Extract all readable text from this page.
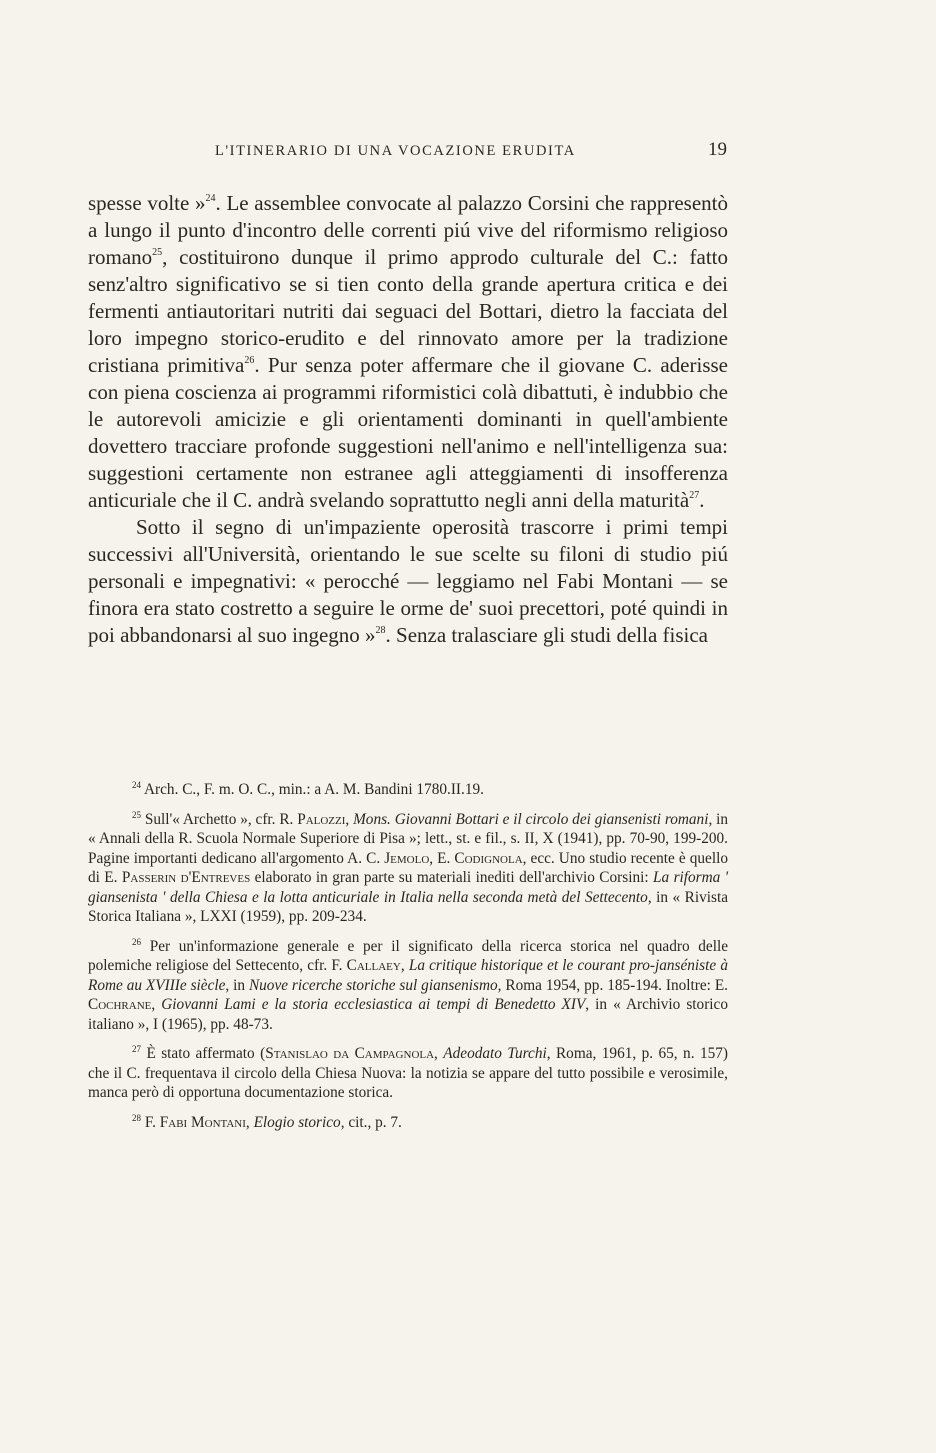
L'ITINERARIO DI UNA VOCAZIONE ERUDITA	19

spesse volte »$^{24}$. Le assemblee convocate al palazzo Corsini che rappresentò a lungo il punto d'incontro delle correnti piú vive del riformismo religioso romano$^{25}$, costituirono dunque il primo approdo culturale del C.: fatto senz'altro significativo se si tien conto della grande apertura critica e dei fermenti antiautoritari nutriti dai seguaci del Bottari, dietro la facciata del loro impegno storico-erudito e del rinnovato amore per la tradizione cristiana primitiva$^{26}$. Pur senza poter affermare che il giovane C. aderisse con piena coscienza ai programmi riformistici colà dibattuti, è indubbio che le autorevoli amicizie e gli orientamenti dominanti in quell'ambiente dovettero tracciare profonde suggestioni nell'animo e nell'intelligenza sua: suggestioni certamente non estranee agli atteggiamenti di insofferenza anticuriale che il C. andrà svelando soprattutto negli anni della maturità$^{27}$.

Sotto il segno di un'impaziente operosità trascorre i primi tempi successivi all'Università, orientando le sue scelte su filoni di studio piú personali e impegnativi: « perocché — leggiamo nel Fabi Montani — se finora era stato costretto a seguire le orme de' suoi precettori, poté quindi in poi abbandonarsi al suo ingegno »$^{28}$. Senza tralasciare gli studi della fisica

$^{24}$ Arch. C., F. m. O. C., min.: a A. M. Bandini 1780.II.19.

$^{25}$ Sull'« Archetto », cfr. R. Palozzi, Mons. Giovanni Bottari e il circolo dei giansenisti romani, in « Annali della R. Scuola Normale Superiore di Pisa »; lett., st. e fil., s. II, X (1941), pp. 70-90, 199-200. Pagine importanti dedicano all'argomento A. C. Jemolo, E. Codignola, ecc. Uno studio recente è quello di E. Passerin d'Entreves elaborato in gran parte su materiali inediti dell'archivio Corsini: La riforma ' giansenista ' della Chiesa e la lotta anticuriale in Italia nella seconda metà del Settecento, in « Rivista Storica Italiana », LXXI (1959), pp. 209-234.

$^{26}$ Per un'informazione generale e per il significato della ricerca storica nel quadro delle polemiche religiose del Settecento, cfr. F. Callaey, La critique historique et le courant pro-janséniste à Rome au XVIIIe siècle, in Nuove ricerche storiche sul giansenismo, Roma 1954, pp. 185-194. Inoltre: E. Cochrane, Giovanni Lami e la storia ecclesiastica ai tempi di Benedetto XIV, in « Archivio storico italiano », I (1965), pp. 48-73.

$^{27}$ È stato affermato (Stanislao da Campagnola, Adeodato Turchi, Roma, 1961, p. 65, n. 157) che il C. frequentava il circolo della Chiesa Nuova: la notizia se appare del tutto possibile e verosimile, manca però di opportuna documentazione storica.

$^{28}$ F. Fabi Montani, Elogio storico, cit., p. 7.
